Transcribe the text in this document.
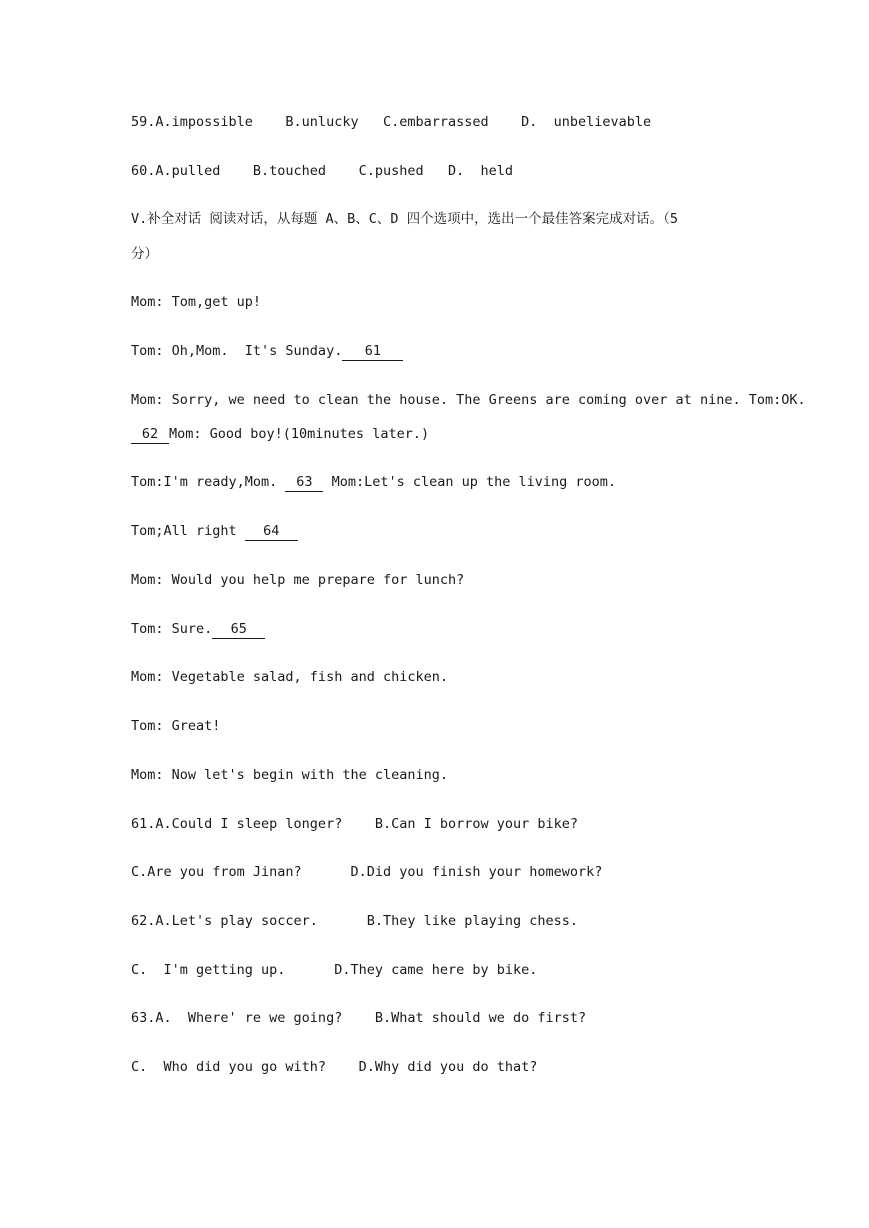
59.A.impossible    B.unlucky   C.embarrassed    D.  unbelievable
60.A.pulled    B.touched    C.pushed   D.  held
V.补全对话 阅读对话，从每题 A、B、C、D 四个选项中，选出一个最佳答案完成对话。（5
分）
Mom: Tom,get up!
Tom: Oh,Mom.  It's Sunday. 61
Mom: Sorry, we need to clean the house. The Greens are coming over at nine. Tom:OK.
62 Mom: Good boy!(10minutes later.)
Tom:I'm ready,Mom. 63 Mom:Let's clean up the living room.
Tom;All right 64
Mom: Would you help me prepare for lunch?
Tom: Sure. 65
Mom: Vegetable salad, fish and chicken.
Tom: Great!
Mom: Now let's begin with the cleaning.
61.A.Could I sleep longer?    B.Can I borrow your bike?
C.Are you from Jinan?      D.Did you finish your homework?
62.A.Let's play soccer.      B.They like playing chess.
C.  I'm getting up.      D.They came here by bike.
63.A.  Where' re we going?    B.What should we do first?
C.  Who did you go with?    D.Why did you do that?
